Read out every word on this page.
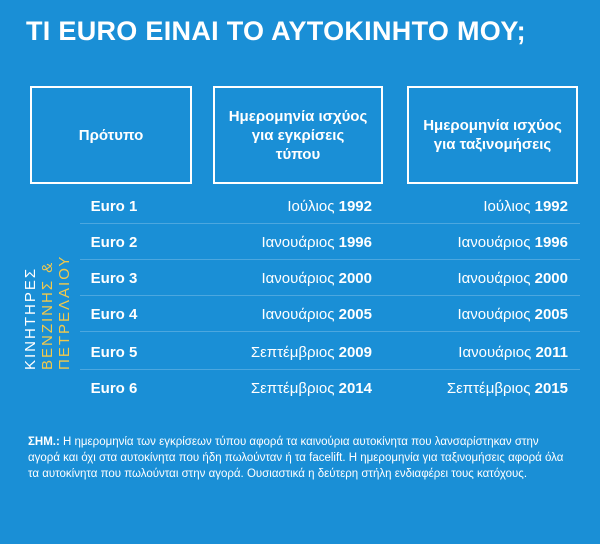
ΤΙ EURO ΕΙΝΑΙ ΤΟ ΑΥΤΟΚΙΝΗΤΟ ΜΟΥ;
Πρότυπο
Ημερομηνία ισχύος για εγκρίσεις τύπου
Ημερομηνία ισχύος για ταξινομήσεις
ΚΙΝΗΤΗΡΕΣ ΒΕΝΖΙΝΗΣ & ΠΕΤΡΕΛΑΙΟΥ
Euro 1	Ιούλιος 1992	Ιούλιος 1992
Euro 2	Ιανουάριος 1996	Ιανουάριος 1996
Euro 3	Ιανουάριος 2000	Ιανουάριος 2000
Euro 4	Ιανουάριος 2005	Ιανουάριος 2005
Euro 5	Σεπτέμβριος 2009	Ιανουάριος 2011
Euro 6	Σεπτέμβριος 2014	Σεπτέμβριος 2015
ΣΗΜ.: Η ημερομηνία των εγκρίσεων τύπου αφορά τα καινούρια αυτοκίνητα που λανσαρίστηκαν στην αγορά και όχι στα αυτοκίνητα που ήδη πωλούνταν ή τα facelift. Η ημερομηνία για ταξινομήσεις αφορά όλα τα αυτοκίνητα που πωλούνται στην αγορά. Ουσιαστικά η δεύτερη στήλη ενδιαφέρει τους κατόχους.
